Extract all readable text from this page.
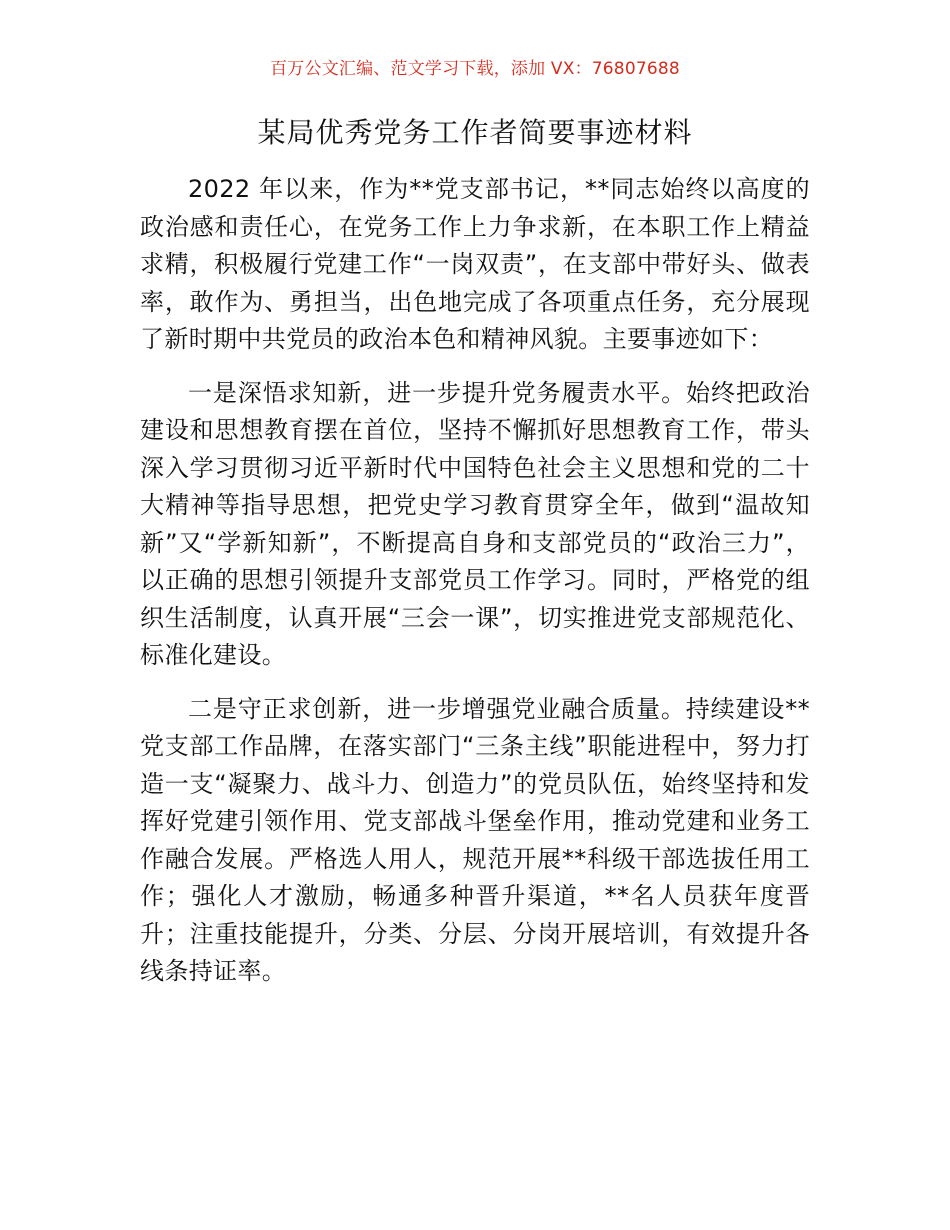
百万公文汇编、范文学习下载，添加 VX：76807688
某局优秀党务工作者简要事迹材料

2022 年以来，作为**党支部书记，**同志始终以高度的政治感和责任心，在党务工作上力争求新，在本职工作上精益求精，积极履行党建工作“一岗双责”，在支部中带好头、做表率，敢作为、勇担当，出色地完成了各项重点任务，充分展现了新时期中共党员的政治本色和精神风貌。主要事迹如下：

一是深悟求知新，进一步提升党务履责水平。始终把政治建设和思想教育摆在首位，坚持不懈抓好思想教育工作，带头深入学习贯彻习近平新时代中国特色社会主义思想和党的二十大精神等指导思想，把党史学习教育贯穿全年，做到“温故知新”又“学新知新”，不断提高自身和支部党员的“政治三力”，以正确的思想引领提升支部党员工作学习。同时，严格党的组织生活制度，认真开展“三会一课”，切实推进党支部规范化、标准化建设。

二是守正求创新，进一步增强党业融合质量。持续建设**党支部工作品牌，在落实部门“三条主线”职能进程中，努力打造一支“凝聚力、战斗力、创造力”的党员队伍，始终坚持和发挥好党建引领作用、党支部战斗堡垒作用，推动党建和业务工作融合发展。严格选人用人，规范开展**科级干部选拔任用工作；强化人才激励，畅通多种晋升渠道，**名人员获年度晋升；注重技能提升，分类、分层、分岗开展培训，有效提升各线条持证率。
